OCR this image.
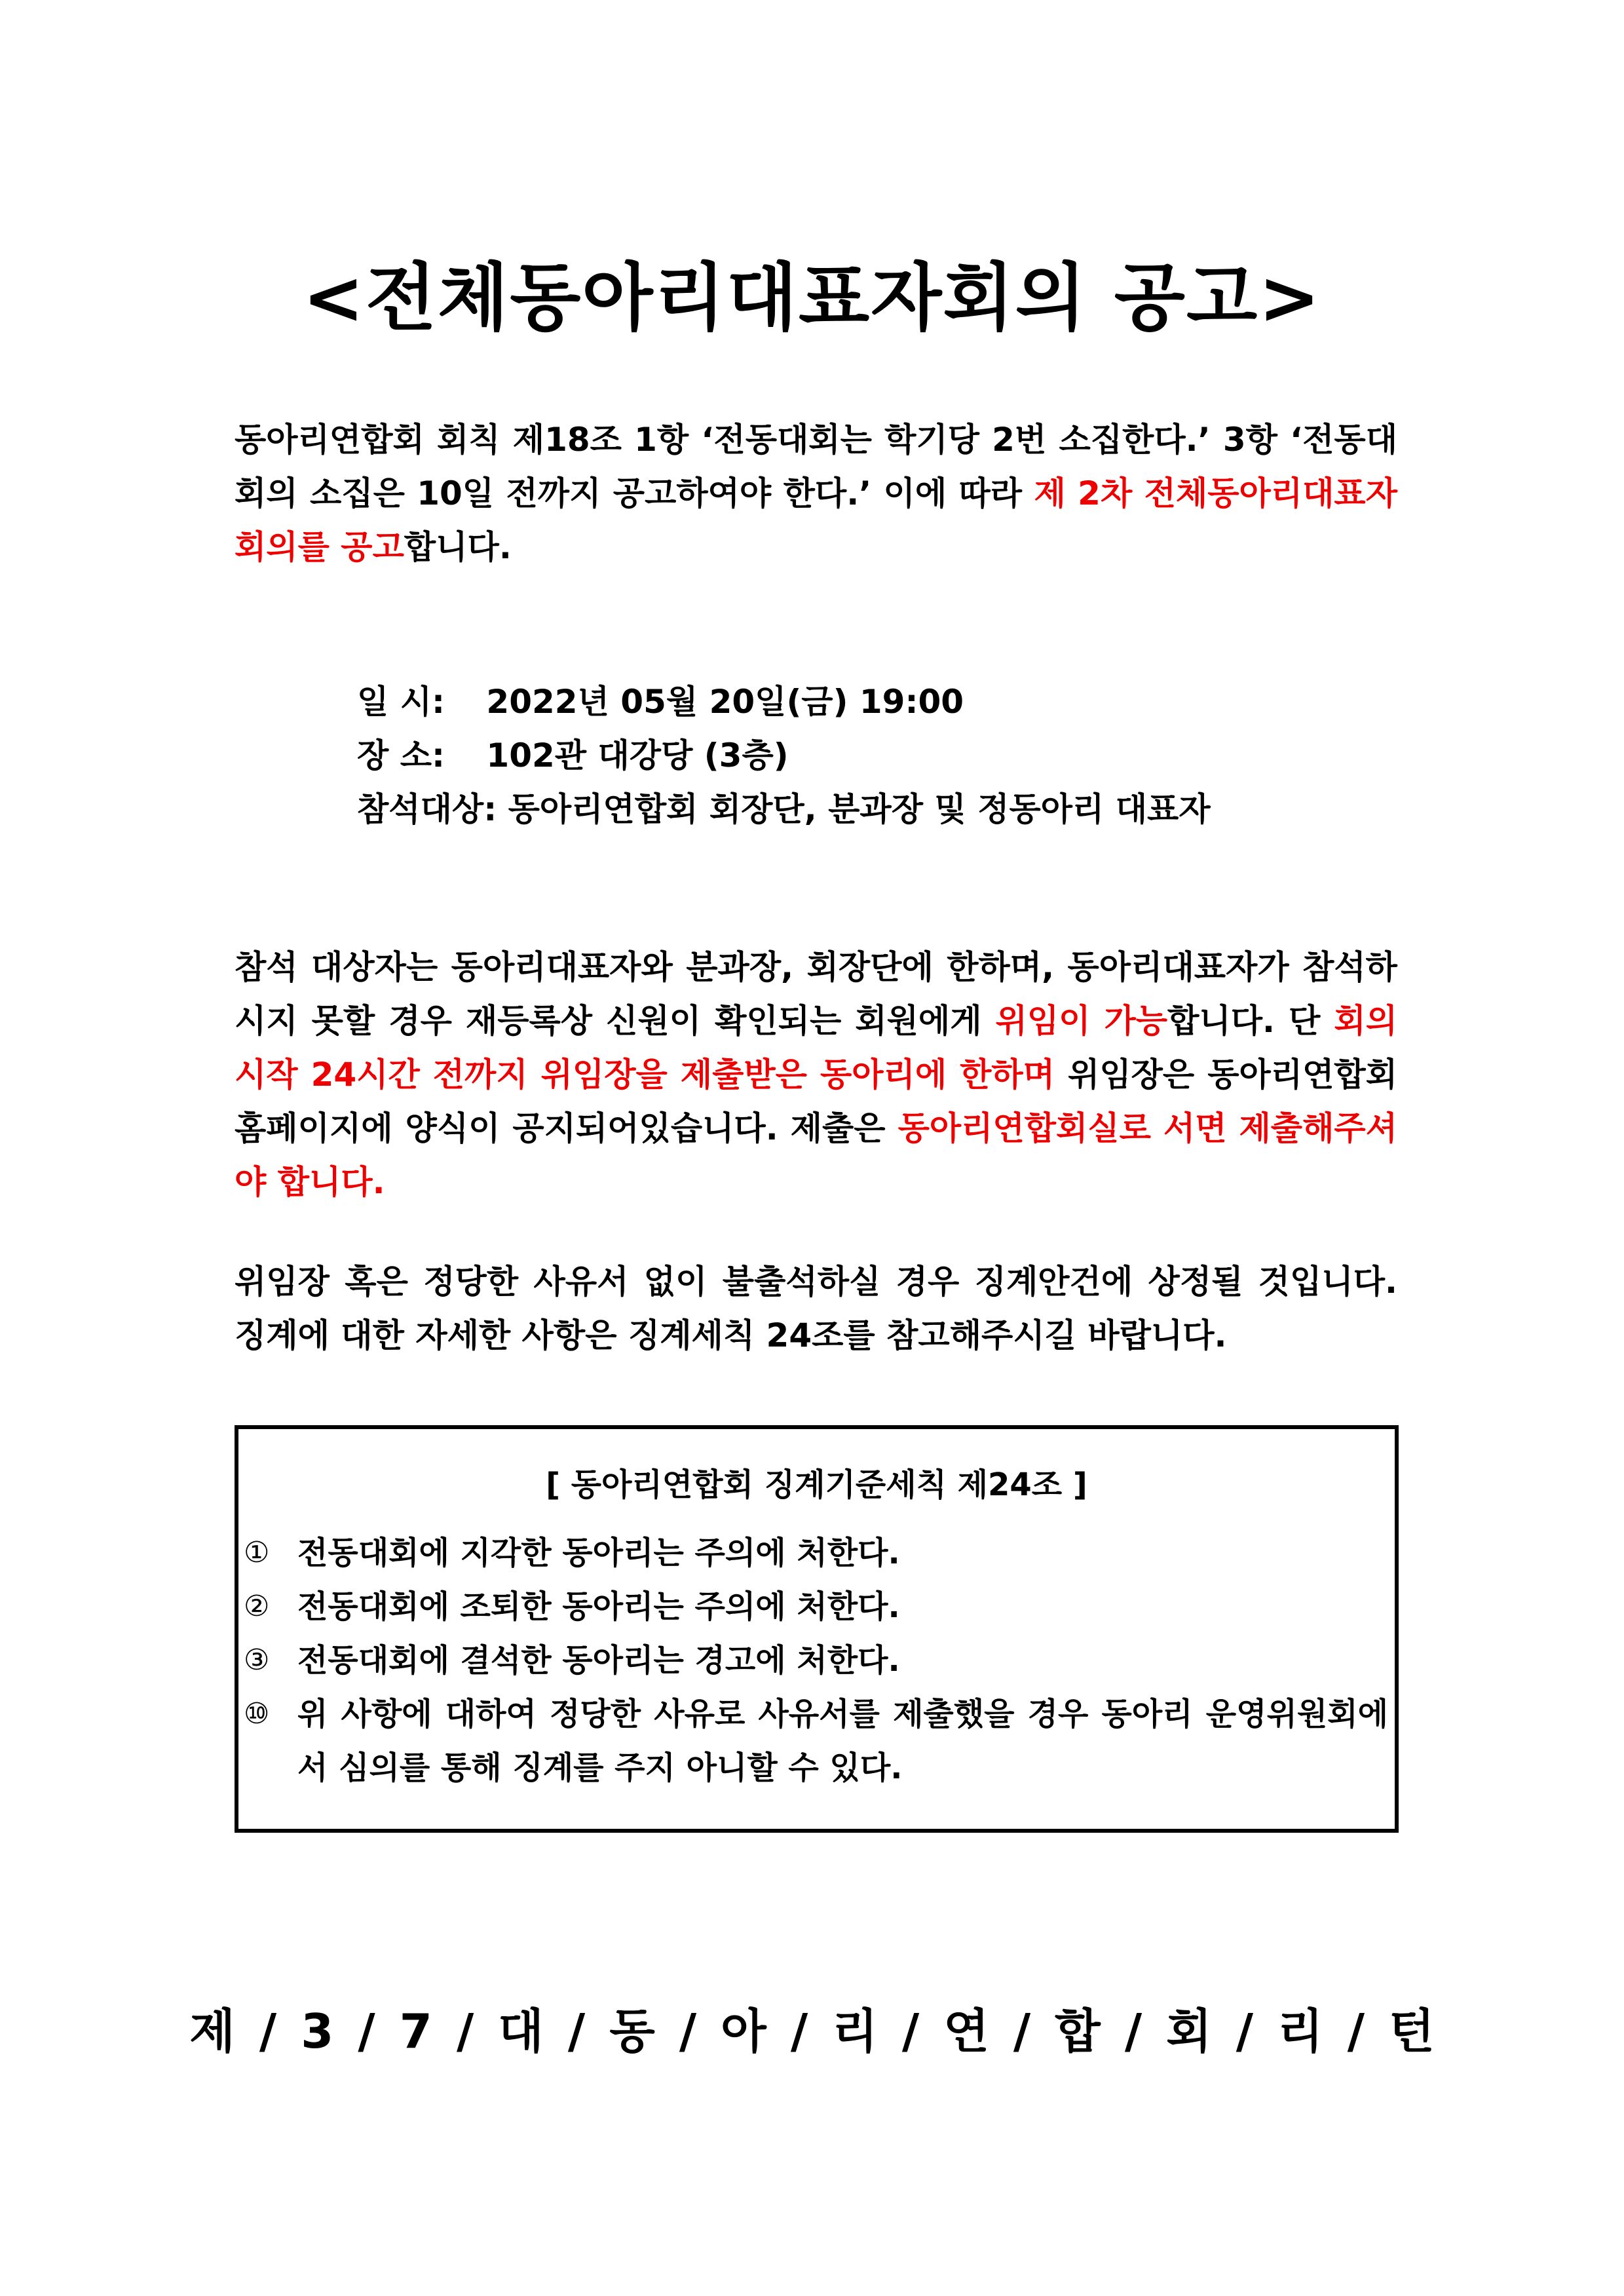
<전체동아리대표자회의 공고>
동아리연합회 회칙 제18조 1항 ‘전동대회는 학기당 2번 소집한다.’ 3항 ‘전동대회의 소집은 10일 전까지 공고하여야 한다.’ 이에 따라 제 2차 전체동아리대표자회의를 공고합니다.
일 시: 2022년 05월 20일(금) 19:00
장 소: 102관 대강당 (3층)
참석대상: 동아리연합회 회장단, 분과장 및 정동아리 대표자
참석 대상자는 동아리대표자와 분과장, 회장단에 한하며, 동아리대표자가 참석하시지 못할 경우 재등록상 신원이 확인되는 회원에게 위임이 가능합니다. 단 회의시작 24시간 전까지 위임장을 제출받은 동아리에 한하며 위임장은 동아리연합회 홈페이지에 양식이 공지되어있습니다. 제출은 동아리연합회실로 서면 제출해주셔야 합니다.
위임장 혹은 정당한 사유서 없이 불출석하실 경우 징계안건에 상정될 것입니다. 징계에 대한 자세한 사항은 징계세칙 24조를 참고해주시길 바랍니다.
[ 동아리연합회 징계기준세칙 제24조 ]
① 전동대회에 지각한 동아리는 주의에 처한다.
② 전동대회에 조퇴한 동아리는 주의에 처한다.
③ 전동대회에 결석한 동아리는 경고에 처한다.
⑩ 위 사항에 대하여 정당한 사유로 사유서를 제출했을 경우 동아리 운영위원회에서 심의를 통해 징계를 주지 아니할 수 있다.
제 / 3 / 7 / 대 / 동 / 아 / 리 / 연 / 합 / 회 / 리 / 턴
